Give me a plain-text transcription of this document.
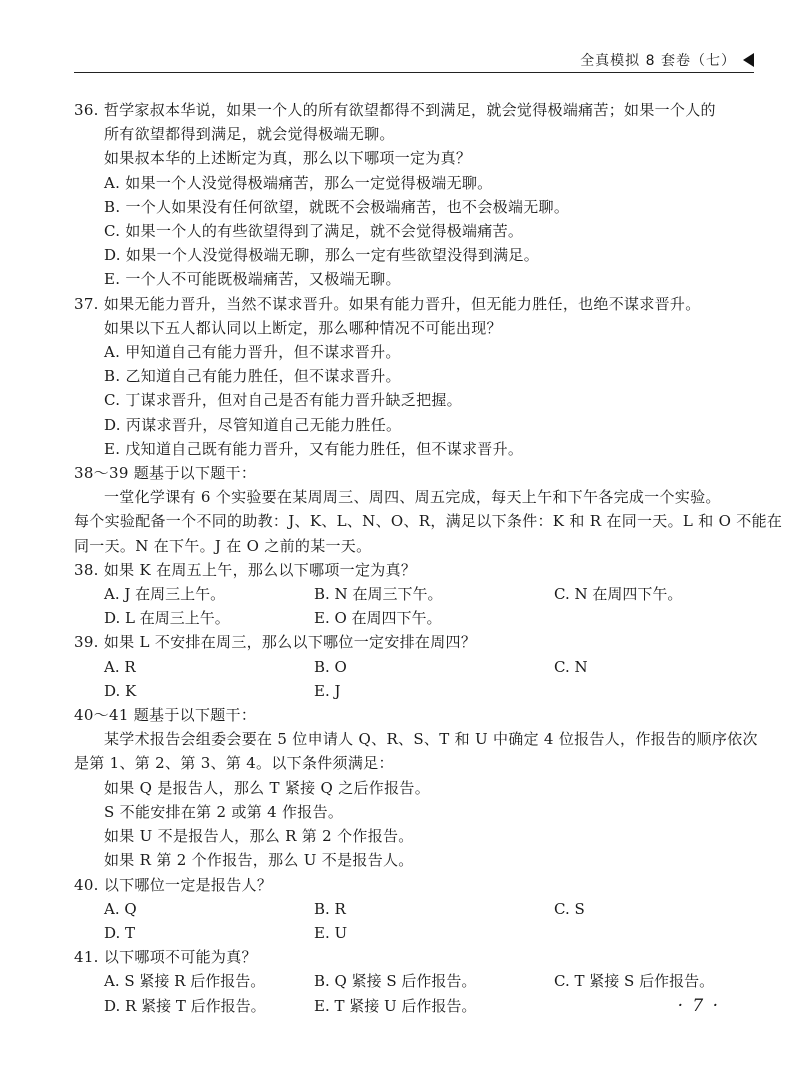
全真模拟 8 套卷（七）
36. 哲学家叔本华说，如果一个人的所有欲望都得不到满足，就会觉得极端痛苦；如果一个人的
所有欲望都得到满足，就会觉得极端无聊。
如果叔本华的上述断定为真，那么以下哪项一定为真？
A. 如果一个人没觉得极端痛苦，那么一定觉得极端无聊。
B. 一个人如果没有任何欲望，就既不会极端痛苦，也不会极端无聊。
C. 如果一个人的有些欲望得到了满足，就不会觉得极端痛苦。
D. 如果一个人没觉得极端无聊，那么一定有些欲望没得到满足。
E. 一个人不可能既极端痛苦，又极端无聊。
37. 如果无能力晋升，当然不谋求晋升。如果有能力晋升，但无能力胜任，也绝不谋求晋升。
如果以下五人都认同以上断定，那么哪种情况不可能出现？
A. 甲知道自己有能力晋升，但不谋求晋升。
B. 乙知道自己有能力胜任，但不谋求晋升。
C. 丁谋求晋升，但对自己是否有能力晋升缺乏把握。
D. 丙谋求晋升，尽管知道自己无能力胜任。
E. 戊知道自己既有能力晋升，又有能力胜任，但不谋求晋升。
38～39 题基于以下题干：
一堂化学课有 6 个实验要在某周周三、周四、周五完成，每天上午和下午各完成一个实验。
每个实验配备一个不同的助教：J、K、L、N、O、R，满足以下条件：K 和 R 在同一天。L 和 O 不能在
同一天。N 在下午。J 在 O 之前的某一天。
38. 如果 K 在周五上午，那么以下哪项一定为真？
A. J 在周三上午。	B. N 在周三下午。	C. N 在周四下午。
D. L 在周三上午。	E. O 在周四下午。
39. 如果 L 不安排在周三，那么以下哪位一定安排在周四？
A. R	B. O	C. N
D. K	E. J
40～41 题基于以下题干：
某学术报告会组委会要在 5 位申请人 Q、R、S、T 和 U 中确定 4 位报告人，作报告的顺序依次
是第 1、第 2、第 3、第 4。以下条件须满足：
如果 Q 是报告人，那么 T 紧接 Q 之后作报告。
S 不能安排在第 2 或第 4 作报告。
如果 U 不是报告人，那么 R 第 2 个作报告。
如果 R 第 2 个作报告，那么 U 不是报告人。
40. 以下哪位一定是报告人？
A. Q	B. R	C. S
D. T	E. U
41. 以下哪项不可能为真？
A. S 紧接 R 后作报告。	B. Q 紧接 S 后作报告。	C. T 紧接 S 后作报告。
D. R 紧接 T 后作报告。	E. T 紧接 U 后作报告。	· 7 ·
